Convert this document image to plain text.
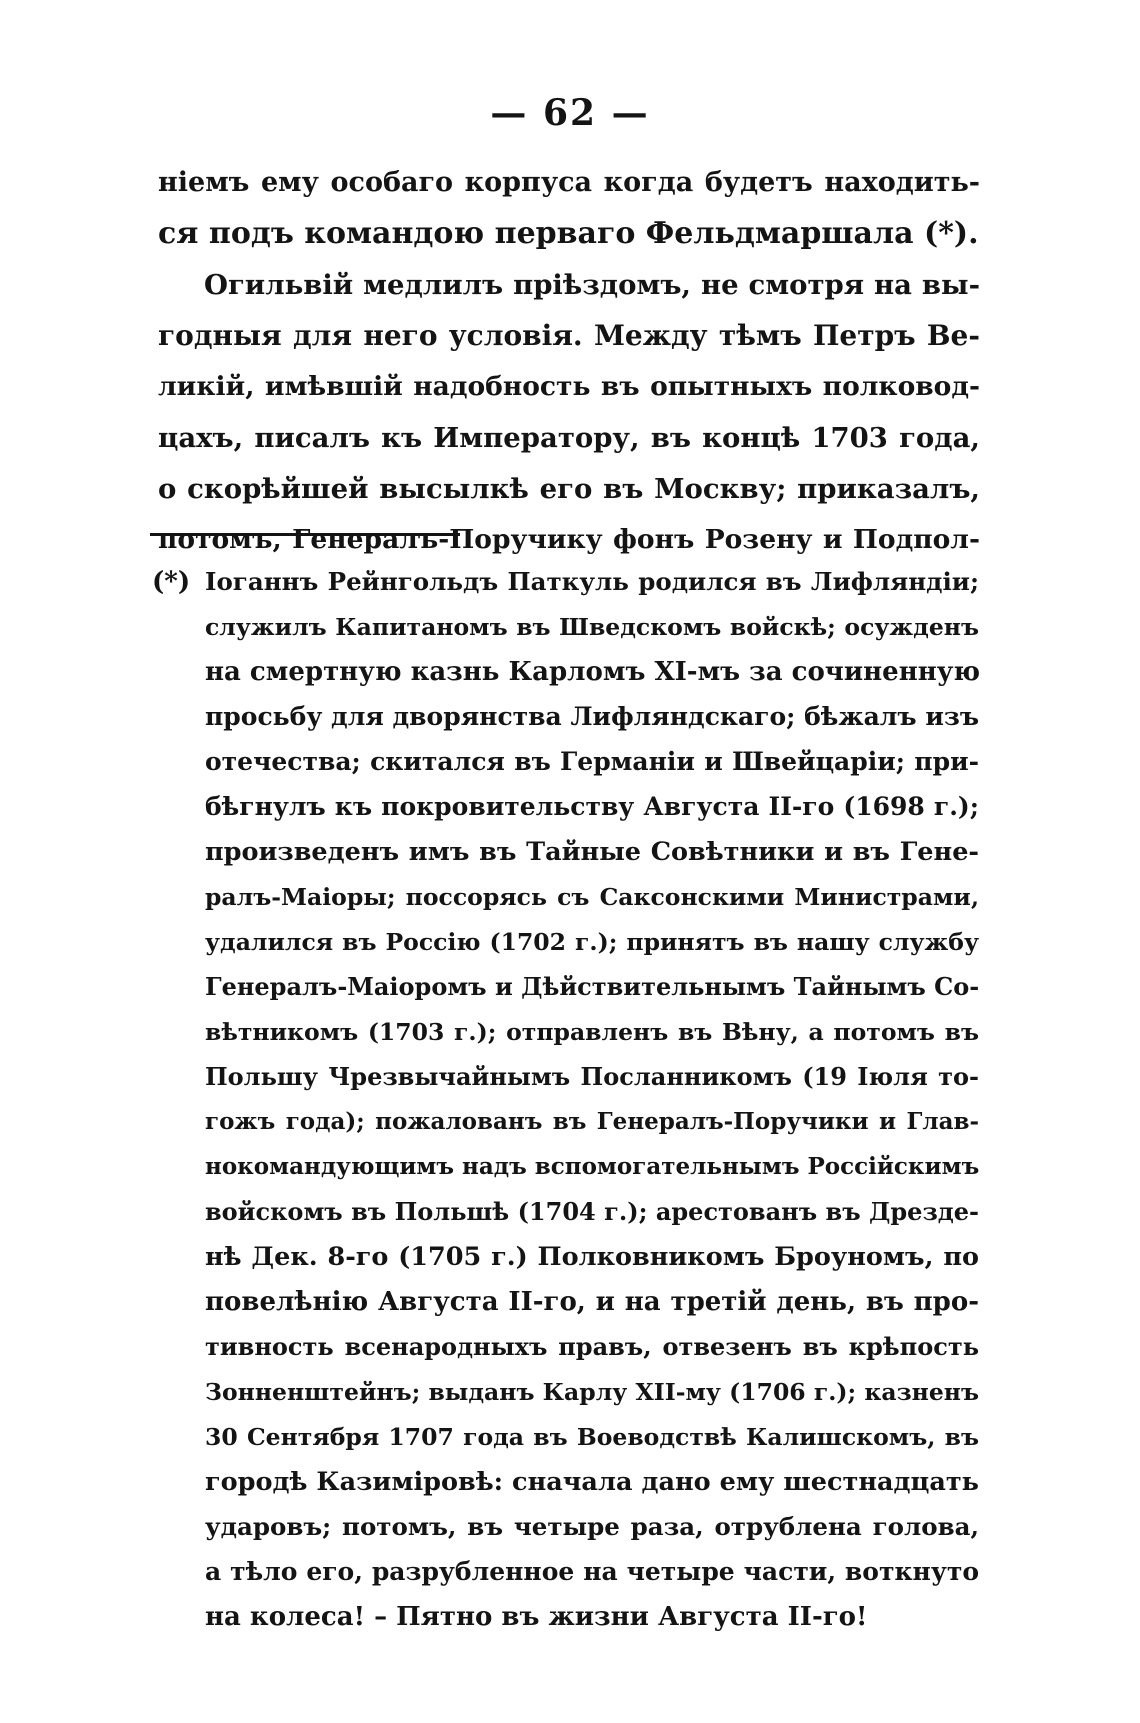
— 62 —
ніемъ ему особаго корпуса когда будетъ находить-
ся подъ командою перваго Фельдмаршала (*).
Огильвій медлилъ пріѣздомъ, не смотря на вы-
годныя для него условія. Между тѣмъ Петръ Ве-
ликій, имѣвшій надобность въ опытныхъ полковод-
цахъ, писалъ къ Императору, въ концѣ 1703 года,
о скорѣйшей высылкѣ его въ Москву; приказалъ,
потомъ, Генералъ-Поручику фонъ Розену и Подпол-
(*) Іоганнъ Рейнгольдъ Паткуль родился въ Лифляндіи;
служилъ Капитаномъ въ Шведскомъ войскѣ; осужденъ
на смертную казнь Карломъ XI-мъ за сочиненную
просьбу для дворянства Лифляндскаго; бѣжалъ изъ
отечества; скитался въ Германіи и Швейцаріи; при-
бѣгнулъ къ покровительству Августа II-го (1698 г.);
произведенъ имъ въ Тайные Совѣтники и въ Гене-
ралъ-Маіоры; поссорясь съ Саксонскими Министрами,
удалился въ Россію (1702 г.); принятъ въ нашу службу
Генералъ-Маіоромъ и Дѣйствительнымъ Тайнымъ Со-
вѣтникомъ (1703 г.); отправленъ въ Вѣну, а потомъ въ
Польшу Чрезвычайнымъ Посланникомъ (19 Іюля то-
гожъ года); пожалованъ въ Генералъ-Поручики и Глав-
нокомандующимъ надъ вспомогательнымъ Россійскимъ
войскомъ въ Польшѣ (1704 г.); арестованъ въ Дрезде-
нѣ Дек. 8-го (1705 г.) Полковникомъ Броуномъ, по
повелѣнію Августа II-го, и на третій день, въ про-
тивность всенародныхъ правъ, отвезенъ въ крѣпость
Зонненштейнъ; выданъ Карлу XII-му (1706 г.); казненъ
30 Сентября 1707 года въ Воеводствѣ Калишскомъ, въ
городѣ Казиміровѣ: сначала дано ему шестнадцать
ударовъ; потомъ, въ четыре раза, отрублена голова,
а тѣло его, разрубленное на четыре части, воткнуто
на колеса! – Пятно въ жизни Августа II-го!
